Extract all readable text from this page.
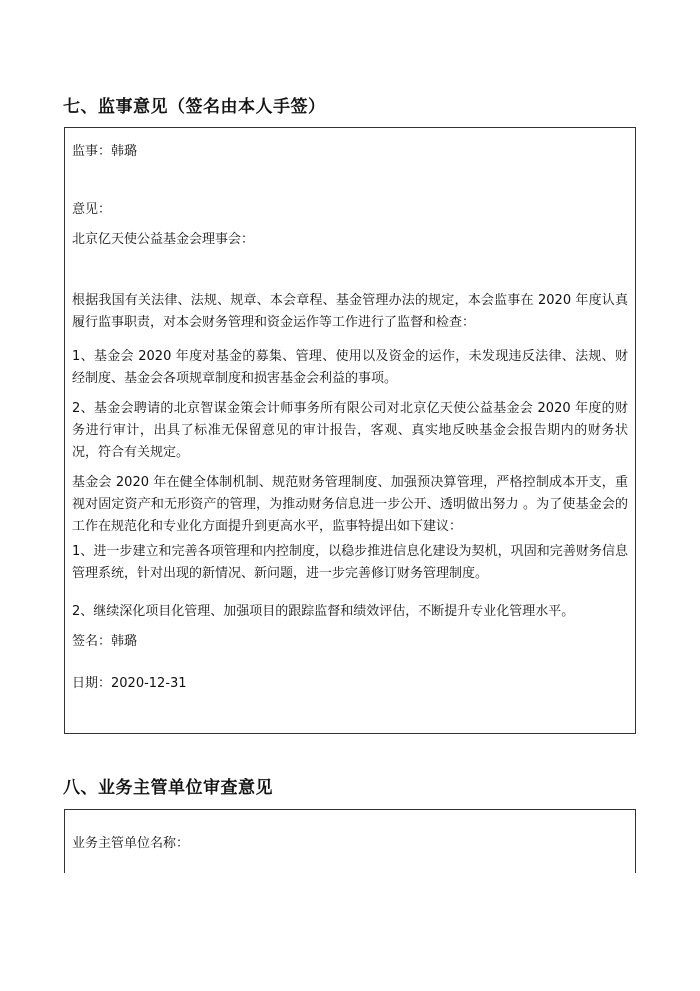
七、监事意见（签名由本人手签）

监事：韩璐

意见：

北京亿天使公益基金会理事会：

根据我国有关法律、法规、规章、本会章程、基金管理办法的规定，本会监事在 2020 年度认真履行监事职责，对本会财务管理和资金运作等工作进行了监督和检查：

1、基金会 2020 年度对基金的募集、管理、使用以及资金的运作，未发现违反法律、法规、财经制度、基金会各项规章制度和损害基金会利益的事项。

2、基金会聘请的北京智谋金策会计师事务所有限公司对北京亿天使公益基金会 2020 年度的财务进行审计，出具了标准无保留意见的审计报告，客观、真实地反映基金会报告期内的财务状况，符合有关规定。

基金会 2020 年在健全体制机制、规范财务管理制度、加强预决算管理，严格控制成本开支，重视对固定资产和无形资产的管理，为推动财务信息进一步公开、透明做出努力 。为了使基金会的工作在规范化和专业化方面提升到更高水平，监事特提出如下建议：

1、进一步建立和完善各项管理和内控制度，以稳步推进信息化建设为契机，巩固和完善财务信息管理系统，针对出现的新情况、新问题，进一步完善修订财务管理制度。

2、继续深化项目化管理、加强项目的跟踪监督和绩效评估，不断提升专业化管理水平。

签名：韩璐

日期：2020-12-31

八、业务主管单位审查意见

业务主管单位名称：
